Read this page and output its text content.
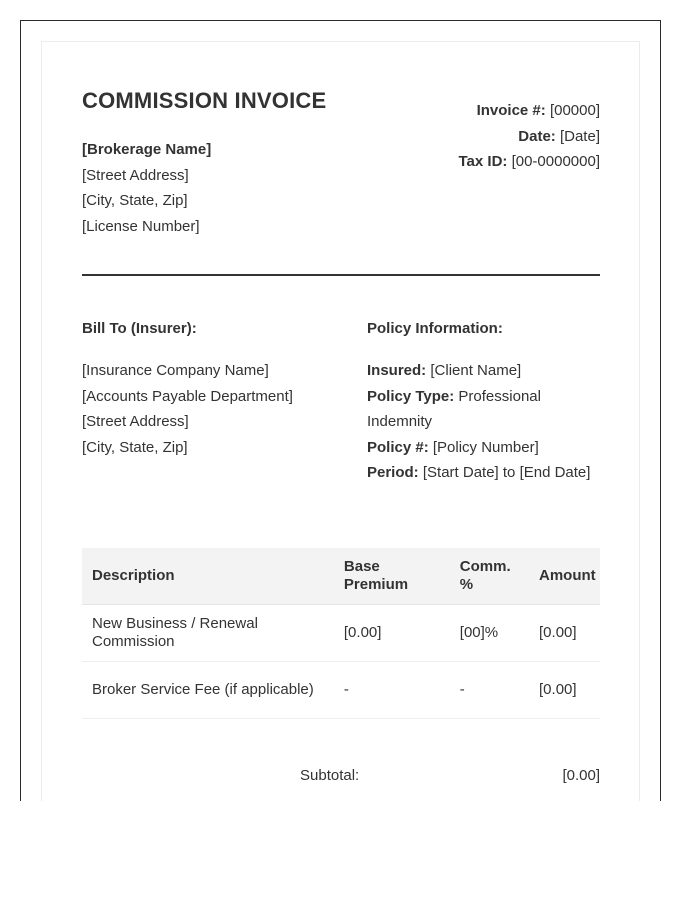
COMMISSION INVOICE
[Brokerage Name]
[Street Address]
[City, State, Zip]
[License Number]
Invoice #: [00000]
Date: [Date]
Tax ID: [00-0000000]
Bill To (Insurer):	Policy Information:
[Insurance Company Name]
[Accounts Payable Department]
[Street Address]
[City, State, Zip]
Insured: [Client Name]
Policy Type: Professional Indemnity
Policy #: [Policy Number]
Period: [Start Date] to [End Date]
Description	Base Premium	Comm. %	Amount
New Business / Renewal Commission	[0.00]	[00]%	[0.00]
Broker Service Fee (if applicable)	-	-	[0.00]
Subtotal:	[0.00]
